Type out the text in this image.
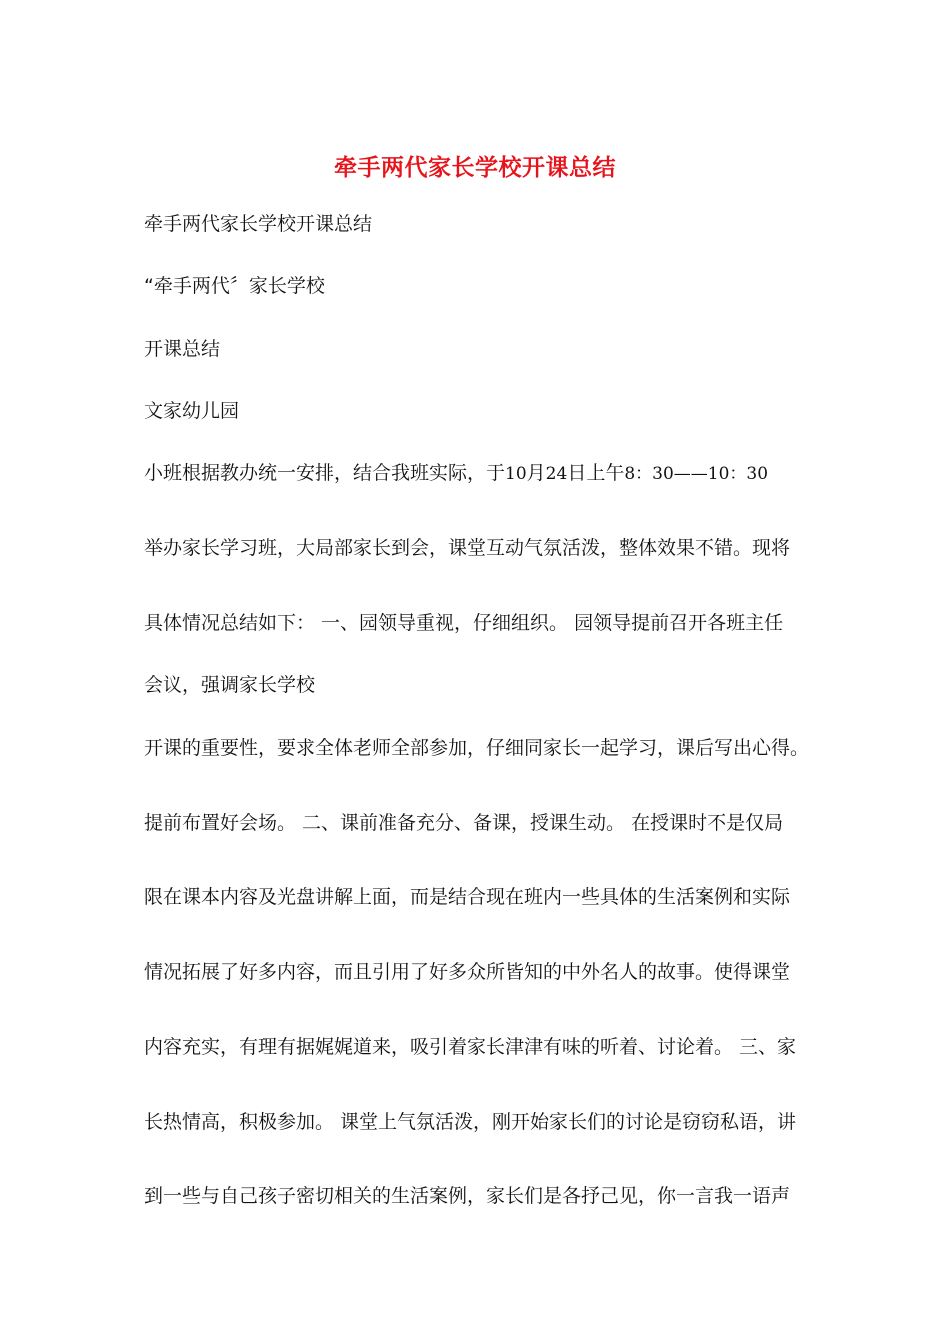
牵手两代家长学校开课总结
牵手两代家长学校开课总结
“牵手两代〞家长学校
开课总结
文家幼儿园
小班根据教办统一安排，结合我班实际，于10月24日上午8：30——10：30
举办家长学习班，大局部家长到会，课堂互动气氛活泼，整体效果不错。现将
具体情况总结如下： 一、园领导重视，仔细组织。 园领导提前召开各班主任
会议，强调家长学校
开课的重要性，要求全体老师全部参加，仔细同家长一起学习，课后写出心得。
提前布置好会场。 二、课前准备充分、备课，授课生动。 在授课时不是仅局
限在课本内容及光盘讲解上面，而是结合现在班内一些具体的生活案例和实际
情况拓展了好多内容，而且引用了好多众所皆知的中外名人的故事。使得课堂
内容充实，有理有据娓娓道来，吸引着家长津津有味的听着、讨论着。 三、家
长热情高，积极参加。 课堂上气氛活泼，刚开始家长们的讨论是窃窃私语，讲
到一些与自己孩子密切相关的生活案例，家长们是各抒己见，你一言我一语声
